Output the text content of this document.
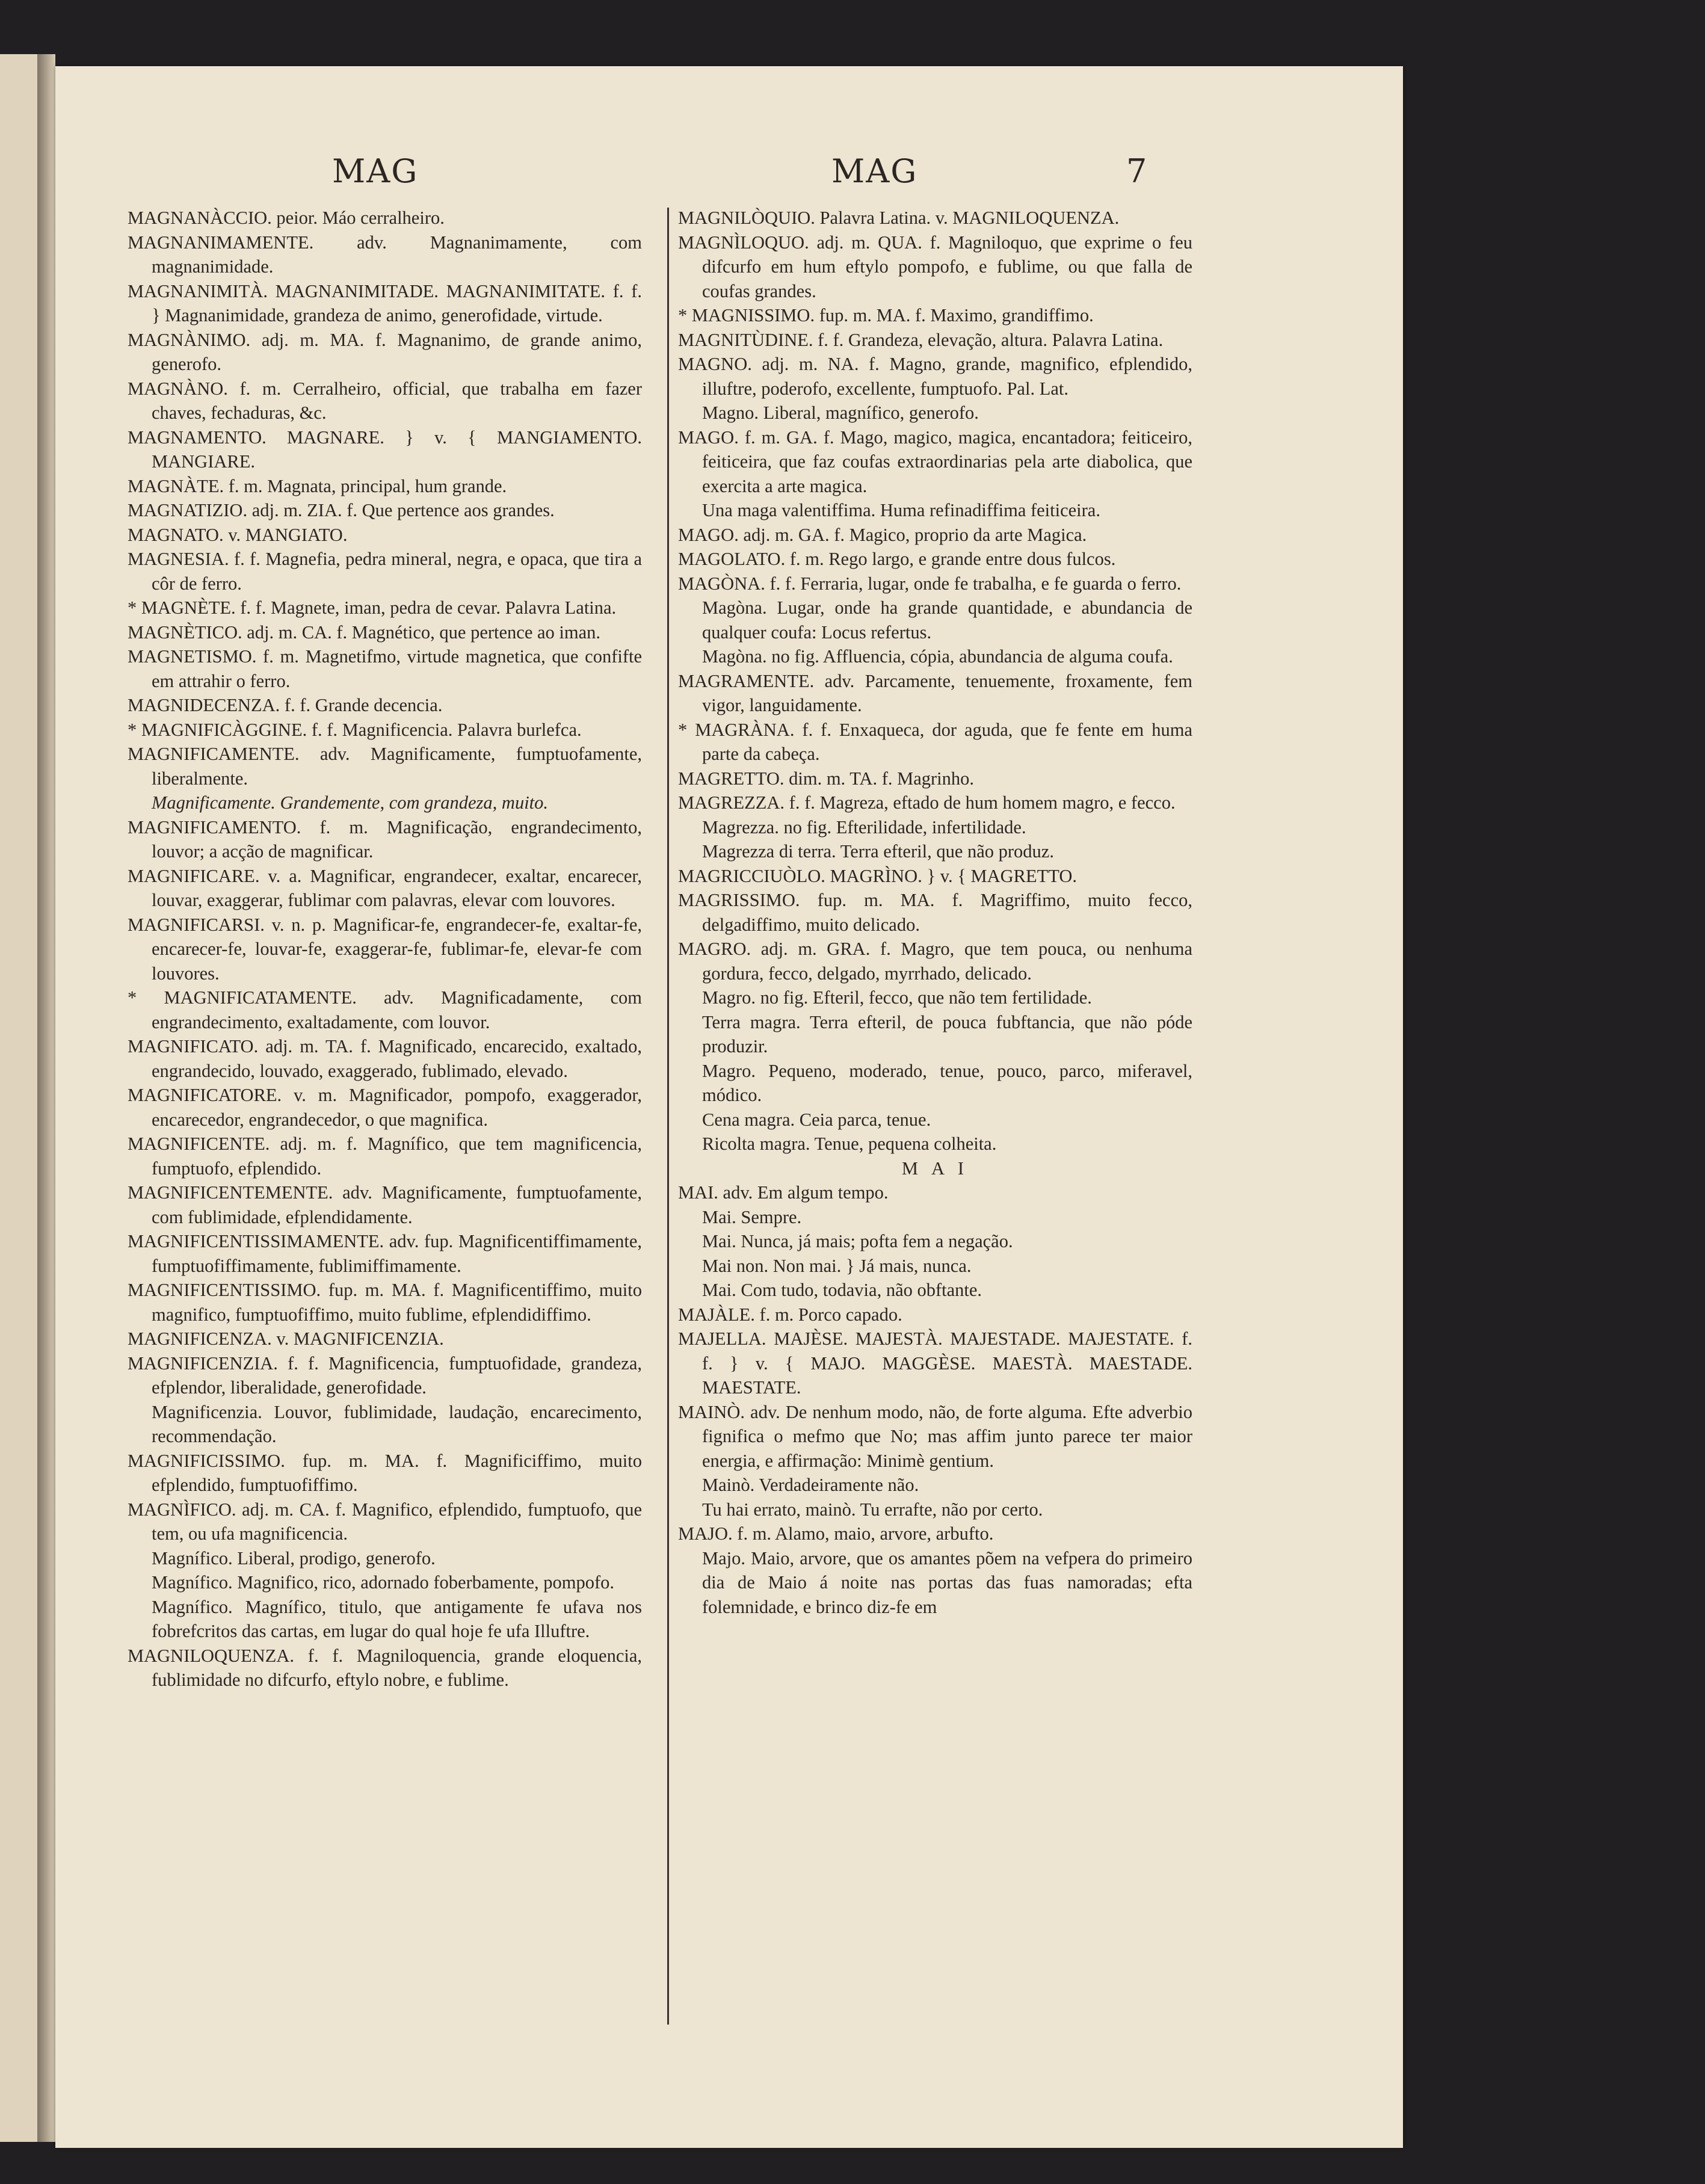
MAG	MAG	7

MAGNANÀCCIO. peior. Máo cerralheiro.

MAGNANIMAMENTE. adv. Magnanimamente, com magnanimidade.

MAGNANIMITÀ. MAGNANIMITADE. MAGNANIMITATE. f. f. } Magnanimidade, grandeza de animo, generofidade, virtude.

MAGNÀNIMO. adj. m. MA. f. Magnanimo, de grande animo, generofo.

MAGNÀNO. f. m. Cerralheiro, official, que trabalha em fazer chaves, fechaduras, &c.

MAGNAMENTO. MAGNARE. } v. { MANGIAMENTO. MANGIARE.

MAGNÀTE. f. m. Magnata, principal, hum grande.

MAGNATIZIO. adj. m. ZIA. f. Que pertence aos grandes.

MAGNATO. v. MANGIATO.

MAGNESIA. f. f. Magnefia, pedra mineral, negra, e opaca, que tira a côr de ferro.

* MAGNÈTE. f. f. Magnete, iman, pedra de cevar. Palavra Latina.

MAGNÈTICO. adj. m. CA. f. Magnético, que pertence ao iman.

MAGNETISMO. f. m. Magnetifmo, virtude magnetica, que confifte em attrahir o ferro.

MAGNIDECENZA. f. f. Grande decencia.

* MAGNIFICÀGGINE. f. f. Magnificencia. Palavra burlefca.

MAGNIFICAMENTE. adv. Magnificamente, fumptuofamente, liberalmente.

Magnificamente. Grandemente, com grandeza, muito.

MAGNIFICAMENTO. f. m. Magnificação, engrandecimento, louvor; a acção de magnificar.

MAGNIFICARE. v. a. Magnificar, engrandecer, exaltar, encarecer, louvar, exaggerar, fublimar com palavras, elevar com louvores.

MAGNIFICARSI. v. n. p. Magnificar-fe, engrandecer-fe, exaltar-fe, encarecer-fe, louvar-fe, exaggerar-fe, fublimar-fe, elevar-fe com louvores.

* MAGNIFICATAMENTE. adv. Magnificadamente, com engrandecimento, exaltadamente, com louvor.

MAGNIFICATO. adj. m. TA. f. Magnificado, encarecido, exaltado, engrandecido, louvado, exaggerado, fublimado, elevado.

MAGNIFICATORE. v. m. Magnificador, pompofo, exaggerador, encarecedor, engrandecedor, o que magnifica.

MAGNIFICENTE. adj. m. f. Magnífico, que tem magnificencia, fumptuofo, efplendido.

MAGNIFICENTEMENTE. adv. Magnificamente, fumptuofamente, com fublimidade, efplendidamente.

MAGNIFICENTISSIMAMENTE. adv. fup. Magnificentiffimamente, fumptuofiffimamente, fublimiffimamente.

MAGNIFICENTISSIMO. fup. m. MA. f. Magnificentiffimo, muito magnifico, fumptuofiffimo, muito fublime, efplendidiffimo.

MAGNIFICENZA. v. MAGNIFICENZIA.

MAGNIFICENZIA. f. f. Magnificencia, fumptuofidade, grandeza, efplendor, liberalidade, generofidade.

Magnificenzia. Louvor, fublimidade, laudação, encarecimento, recommendação.

MAGNIFICISSIMO. fup. m. MA. f. Magnificiffimo, muito efplendido, fumptuofiffimo.

MAGNÌFICO. adj. m. CA. f. Magnifico, efplendido, fumptuofo, que tem, ou ufa magnificencia.

Magnífico. Liberal, prodigo, generofo.

Magnífico. Magnifico, rico, adornado foberbamente, pompofo.

Magnífico. Magnífico, titulo, que antigamente fe ufava nos fobrefcritos das cartas, em lugar do qual hoje fe ufa Illuftre.

MAGNILOQUENZA. f. f. Magniloquencia, grande eloquencia, fublimidade no difcurfo, eftylo nobre, e fublime.

MAGNILÒQUIO. Palavra Latina. v. MAGNILOQUENZA.

MAGNÌLOQUO. adj. m. QUA. f. Magniloquo, que exprime o feu difcurfo em hum eftylo pompofo, e fublime, ou que falla de coufas grandes.

* MAGNISSIMO. fup. m. MA. f. Maximo, grandiffimo.

MAGNITÙDINE. f. f. Grandeza, elevação, altura. Palavra Latina.

MAGNO. adj. m. NA. f. Magno, grande, magnifico, efplendido, illuftre, poderofo, excellente, fumptuofo. Pal. Lat.

Magno. Liberal, magnífico, generofo.

MAGO. f. m. GA. f. Mago, magico, magica, encantadora; feiticeiro, feiticeira, que faz coufas extraordinarias pela arte diabolica, que exercita a arte magica.

Una maga valentiffima. Huma refinadiffima feiticeira.

MAGO. adj. m. GA. f. Magico, proprio da arte Magica.

MAGOLATO. f. m. Rego largo, e grande entre dous fulcos.

MAGÒNA. f. f. Ferraria, lugar, onde fe trabalha, e fe guarda o ferro.

Magòna. Lugar, onde ha grande quantidade, e abundancia de qualquer coufa: Locus refertus.

Magòna. no fig. Affluencia, cópia, abundancia de alguma coufa.

MAGRAMENTE. adv. Parcamente, tenuemente, froxamente, fem vigor, languidamente.

* MAGRÀNA. f. f. Enxaqueca, dor aguda, que fe fente em huma parte da cabeça.

MAGRETTO. dim. m. TA. f. Magrinho.

MAGREZZA. f. f. Magreza, eftado de hum homem magro, e fecco.

Magrezza. no fig. Efterilidade, infertilidade.

Magrezza di terra. Terra efteril, que não produz.

MAGRICCIUÒLO. MAGRÌNO. } v. { MAGRETTO.

MAGRISSIMO. fup. m. MA. f. Magriffimo, muito fecco, delgadiffimo, muito delicado.

MAGRO. adj. m. GRA. f. Magro, que tem pouca, ou nenhuma gordura, fecco, delgado, myrrhado, delicado.

Magro. no fig. Efteril, fecco, que não tem fertilidade.

Terra magra. Terra efteril, de pouca fubftancia, que não póde produzir.

Magro. Pequeno, moderado, tenue, pouco, parco, miferavel, módico.

Cena magra. Ceia parca, tenue.

Ricolta magra. Tenue, pequena colheita.

M A I

MAI. adv. Em algum tempo.

Mai. Sempre.

Mai. Nunca, já mais; pofta fem a negação.

Mai non. Non mai. } Já mais, nunca.

Mai. Com tudo, todavia, não obftante.

MAJÀLE. f. m. Porco capado.

MAJELLA. MAJÈSE. MAJESTÀ. MAJESTADE. MAJESTATE. f. f. } v. { MAJO. MAGGÈSE. MAESTÀ. MAESTADE. MAESTATE.

MAINÒ. adv. De nenhum modo, não, de forte alguma. Efte adverbio fignifica o mefmo que No; mas affim junto parece ter maior energia, e affirmação: Minimè gentium.

Mainò. Verdadeiramente não.

Tu hai errato, mainò. Tu errafte, não por certo.

MAJO. f. m. Alamo, maio, arvore, arbufto.

Majo. Maio, arvore, que os amantes põem na vefpera do primeiro dia de Maio á noite nas portas das fuas namoradas; efta folemnidade, e brinco diz-fe em
